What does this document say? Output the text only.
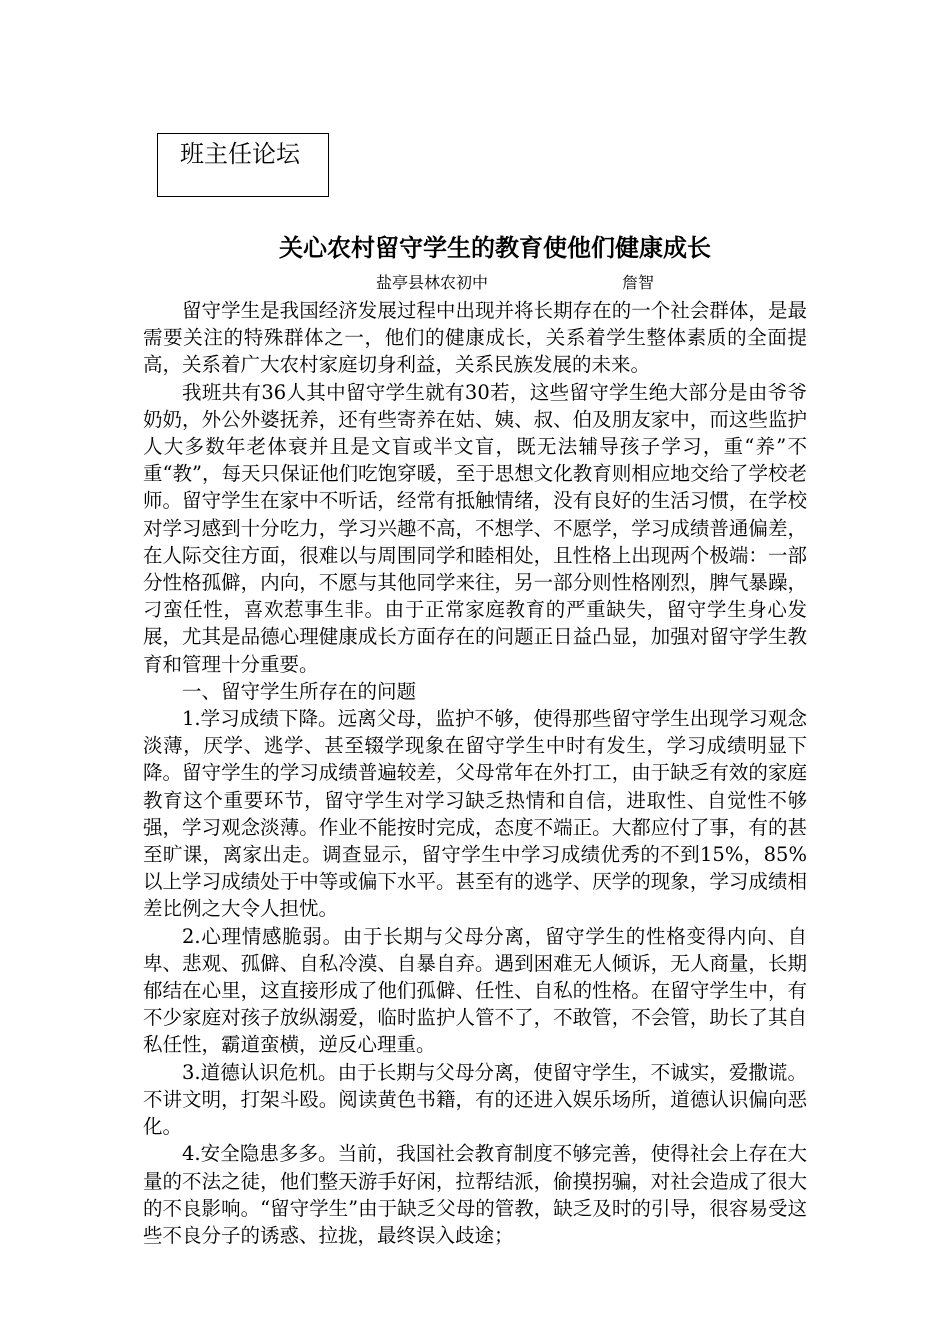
班主任论坛
关心农村留守学生的教育使他们健康成长
盐亭县林农初中	詹智

留守学生是我国经济发展过程中出现并将长期存在的一个社会群体，是最需要关注的特殊群体之一，他们的健康成长，关系着学生整体素质的全面提高，关系着广大农村家庭切身利益，关系民族发展的未来。

我班共有36人其中留守学生就有30若，这些留守学生绝大部分是由爷爷奶奶，外公外婆抚养，还有些寄养在姑、姨、叔、伯及朋友家中，而这些监护人大多数年老体衰并且是文盲或半文盲，既无法辅导孩子学习，重“养”不重“教”，每天只保证他们吃饱穿暖，至于思想文化教育则相应地交给了学校老师。留守学生在家中不听话，经常有抵触情绪，没有良好的生活习惯，在学校对学习感到十分吃力，学习兴趣不高，不想学、不愿学，学习成绩普通偏差，在人际交往方面，很难以与周围同学和睦相处，且性格上出现两个极端：一部分性格孤僻，内向，不愿与其他同学来往，另一部分则性格刚烈，脾气暴躁，刁蛮任性，喜欢惹事生非。由于正常家庭教育的严重缺失，留守学生身心发展，尤其是品德心理健康成长方面存在的问题正日益凸显，加强对留守学生教育和管理十分重要。

一、留守学生所存在的问题

1.学习成绩下降。远离父母，监护不够，使得那些留守学生出现学习观念淡薄，厌学、逃学、甚至辍学现象在留守学生中时有发生，学习成绩明显下降。留守学生的学习成绩普遍较差，父母常年在外打工，由于缺乏有效的家庭教育这个重要环节，留守学生对学习缺乏热情和自信，进取性、自觉性不够强，学习观念淡薄。作业不能按时完成，态度不端正。大都应付了事，有的甚至旷课，离家出走。调查显示，留守学生中学习成绩优秀的不到15%，85%以上学习成绩处于中等或偏下水平。甚至有的逃学、厌学的现象，学习成绩相差比例之大令人担忧。

2.心理情感脆弱。由于长期与父母分离，留守学生的性格变得内向、自卑、悲观、孤僻、自私冷漠、自暴自弃。遇到困难无人倾诉，无人商量，长期郁结在心里，这直接形成了他们孤僻、任性、自私的性格。在留守学生中，有不少家庭对孩子放纵溺爱，临时监护人管不了，不敢管，不会管，助长了其自私任性，霸道蛮横，逆反心理重。

3.道德认识危机。由于长期与父母分离，使留守学生，不诚实，爱撒谎。不讲文明，打架斗殴。阅读黄色书籍，有的还进入娱乐场所，道德认识偏向恶化。

4.安全隐患多多。当前，我国社会教育制度不够完善，使得社会上存在大量的不法之徒，他们整天游手好闲，拉帮结派，偷摸拐骗，对社会造成了很大的不良影响。“留守学生”由于缺乏父母的管教，缺乏及时的引导，很容易受这些不良分子的诱惑、拉拢，最终误入歧途；
